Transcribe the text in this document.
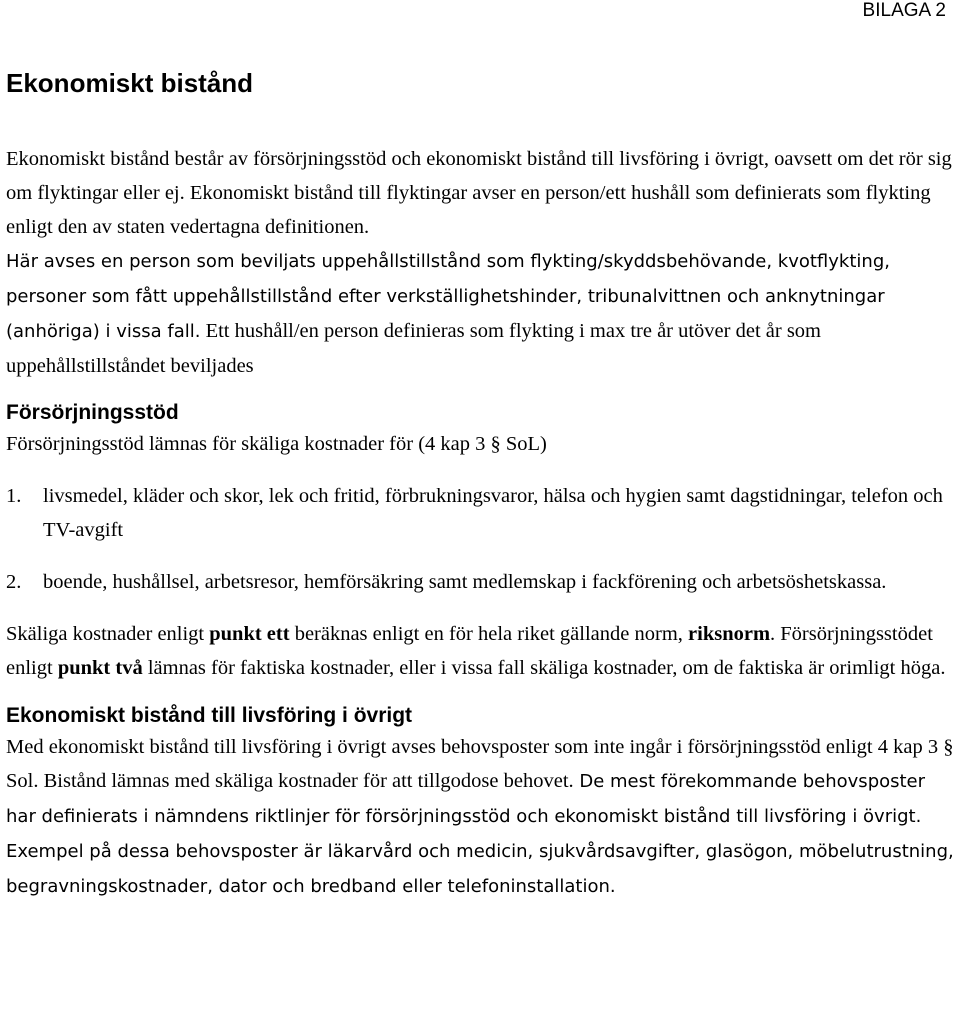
BILAGA 2

Ekonomiskt bistånd

Ekonomiskt bistånd består av försörjningsstöd och ekonomiskt bistånd till livsföring i övrigt, oavsett om det rör sig om flyktingar eller ej. Ekonomiskt bistånd till flyktingar avser en person/ett hushåll som definierats som flykting enligt den av staten vedertagna definitionen.

Här avses en person som beviljats uppehållstillstånd som flykting/skyddsbehövande, kvotflykting, personer som fått uppehållstillstånd efter verkställighetshinder, tribunalvittnen och anknytningar (anhöriga) i vissa fall. Ett hushåll/en person definieras som flykting i max tre år utöver det år som uppehållstillståndet beviljades

Försörjningsstöd

Försörjningsstöd lämnas för skäliga kostnader för (4 kap 3 § SoL)

1. livsmedel, kläder och skor, lek och fritid, förbrukningsvaror, hälsa och hygien samt dagstidningar, telefon och TV-avgift
2. boende, hushållsel, arbetsresor, hemförsäkring samt medlemskap i fackförening och arbetsöshetskassa.

Skäliga kostnader enligt punkt ett beräknas enligt en för hela riket gällande norm, riksnorm. Försörjningsstödet enligt punkt två lämnas för faktiska kostnader, eller i vissa fall skäliga kostnader, om de faktiska är orimligt höga.

Ekonomiskt bistånd till livsföring i övrigt

Med ekonomiskt bistånd till livsföring i övrigt avses behovsposter som inte ingår i försörjningsstöd enligt 4 kap 3 § Sol. Bistånd lämnas med skäliga kostnader för att tillgodose behovet. De mest förekommande behovsposter har definierats i nämndens riktlinjer för försörjningsstöd och ekonomiskt bistånd till livsföring i övrigt. Exempel på dessa behovsposter är läkarvård och medicin, sjukvårdsavgifter, glasögon, möbelutrustning, begravningskostnader, dator och bredband eller telefoninstallation.
